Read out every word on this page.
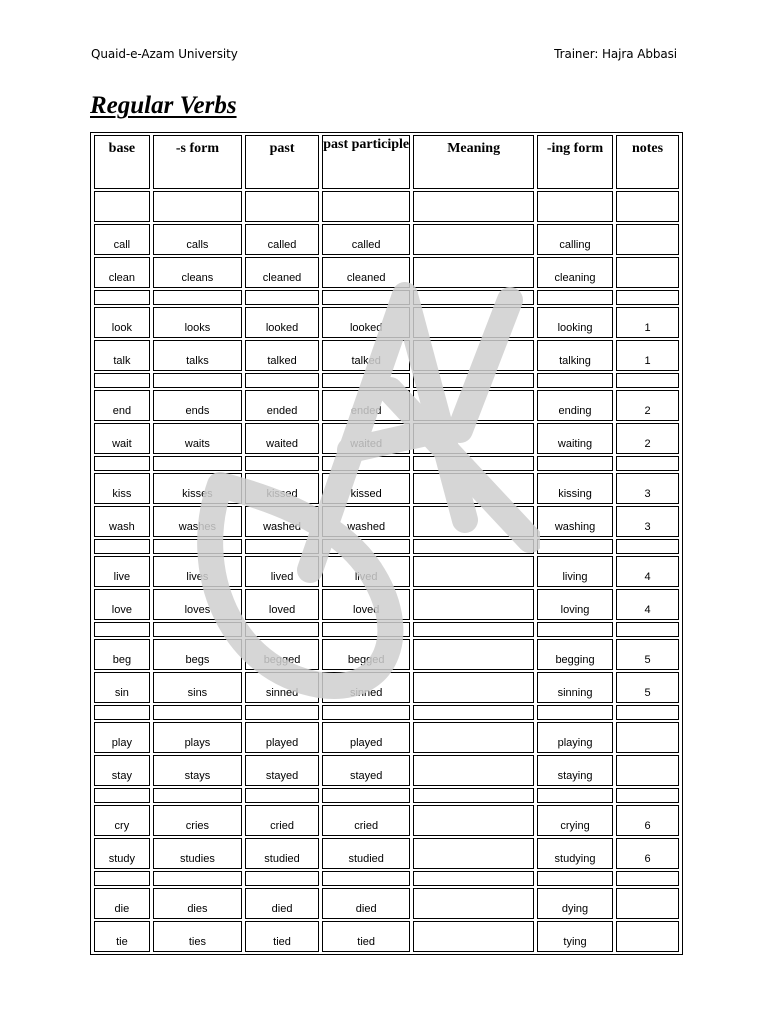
Quaid-e-Azam University	Trainer: Hajra Abbasi
Regular Verbs
base	-s form	past	past participle	Meaning	-ing form	notes

call	calls	called	called		calling	
clean	cleans	cleaned	cleaned		cleaning	

look	looks	looked	looked		looking	1
talk	talks	talked	talked		talking	1

end	ends	ended	ended		ending	2
wait	waits	waited	waited		waiting	2

kiss	kisses	kissed	kissed		kissing	3
wash	washes	washed	washed		washing	3

live	lives	lived	lived		living	4
love	loves	loved	loved		loving	4

beg	begs	begged	begged		begging	5
sin	sins	sinned	sinned		sinning	5

play	plays	played	played		playing	
stay	stays	stayed	stayed		staying	

cry	cries	cried	cried		crying	6
study	studies	studied	studied		studying	6

die	dies	died	died		dying	
tie	ties	tied	tied		tying	
